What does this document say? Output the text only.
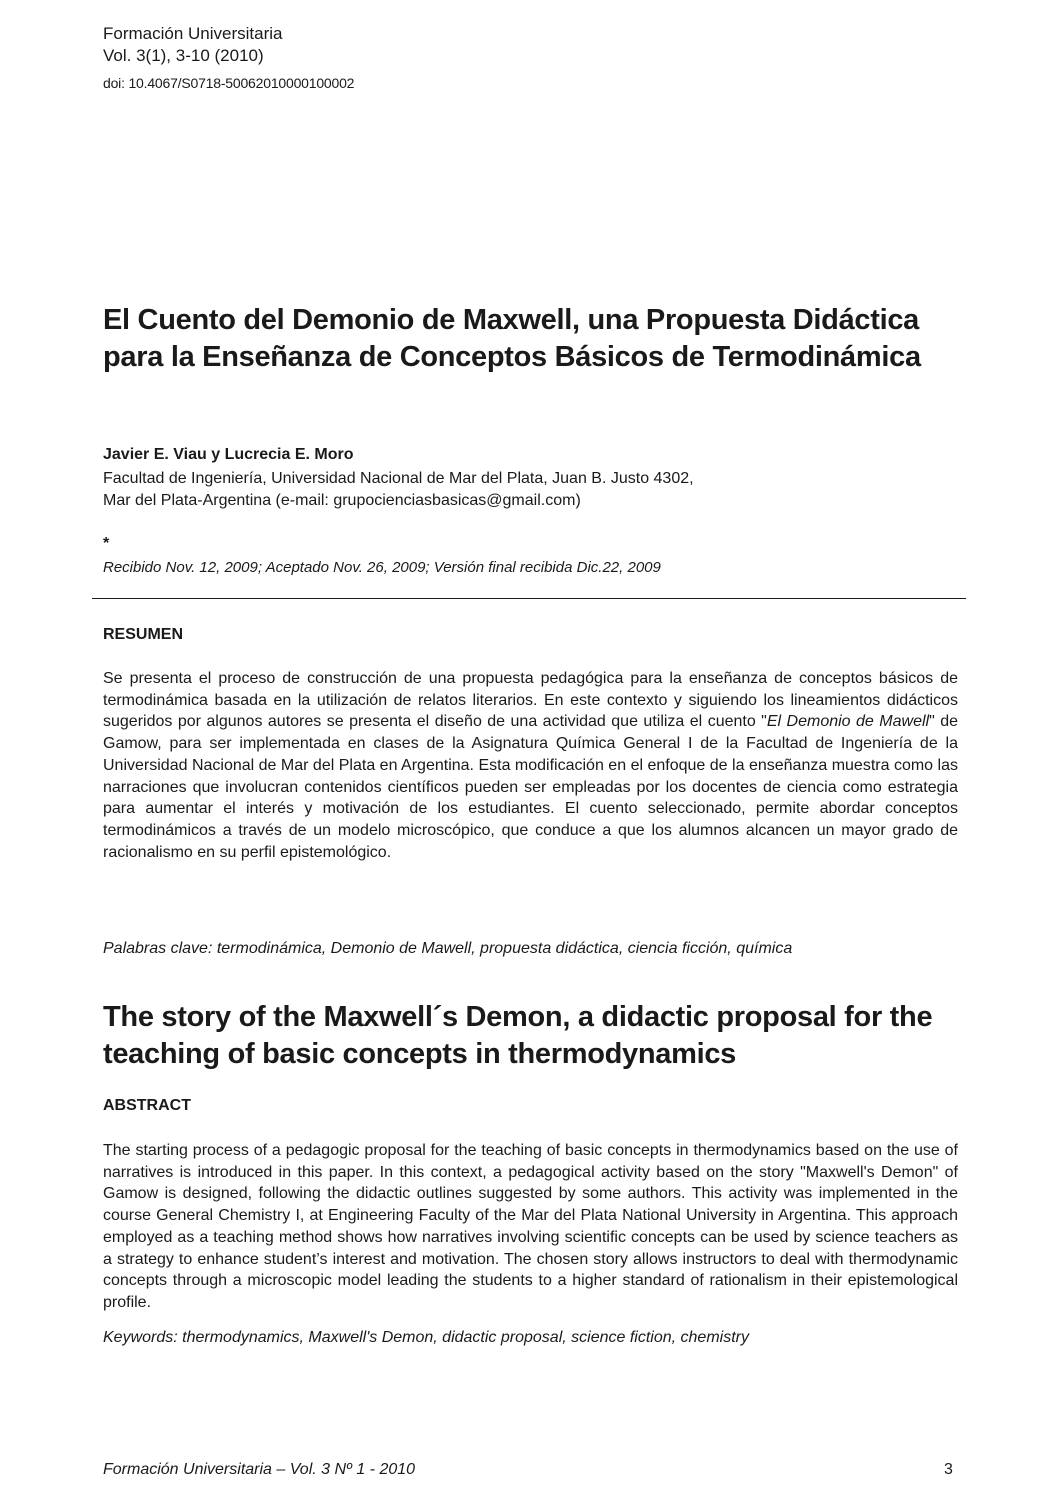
Formación Universitaria
Vol. 3(1), 3-10 (2010)
doi: 10.4067/S0718-50062010000100002
El Cuento del Demonio de Maxwell, una Propuesta Didáctica para la Enseñanza de Conceptos Básicos de Termodinámica
Javier E. Viau y Lucrecia E. Moro
Facultad de Ingeniería, Universidad Nacional de Mar del Plata, Juan B. Justo 4302,
Mar del Plata-Argentina (e-mail: grupocienciasbasicas@gmail.com)
*
Recibido Nov. 12, 2009; Aceptado Nov. 26, 2009; Versión final recibida Dic.22, 2009
RESUMEN
Se presenta el proceso de construcción de una propuesta pedagógica para la enseñanza de conceptos básicos de termodinámica basada en la utilización de relatos literarios. En este contexto y siguiendo los lineamientos didácticos sugeridos por algunos autores se presenta el diseño de una actividad que utiliza el cuento "El Demonio de Mawell" de Gamow, para ser implementada en clases de la Asignatura Química General I de la Facultad de Ingeniería de la Universidad Nacional de Mar del Plata en Argentina. Esta modificación en el enfoque de la enseñanza muestra como las narraciones que involucran contenidos científicos pueden ser empleadas por los docentes de ciencia como estrategia para aumentar el interés y motivación de los estudiantes. El cuento seleccionado, permite abordar conceptos termodinámicos a través de un modelo microscópico, que conduce a que los alumnos alcancen un mayor grado de racionalismo en su perfil epistemológico.
Palabras clave: termodinámica, Demonio de Mawell, propuesta didáctica, ciencia ficción, química
The story of the Maxwell´s Demon, a didactic proposal for the teaching of basic concepts in thermodynamics
ABSTRACT
The starting process of a pedagogic proposal for the teaching of basic concepts in thermodynamics based on the use of narratives is introduced in this paper. In this context, a pedagogical activity based on the story "Maxwell's Demon" of Gamow is designed, following the didactic outlines suggested by some authors. This activity was implemented in the course General Chemistry I, at Engineering Faculty of the Mar del Plata National University in Argentina. This approach employed as a teaching method shows how narratives involving scientific concepts can be used by science teachers as a strategy to enhance student’s interest and motivation. The chosen story allows instructors to deal with thermodynamic concepts through a microscopic model leading the students to a higher standard of rationalism in their epistemological profile.
Keywords: thermodynamics, Maxwell's Demon, didactic proposal, science fiction, chemistry
Formación Universitaria – Vol. 3 Nº 1 - 2010	3
